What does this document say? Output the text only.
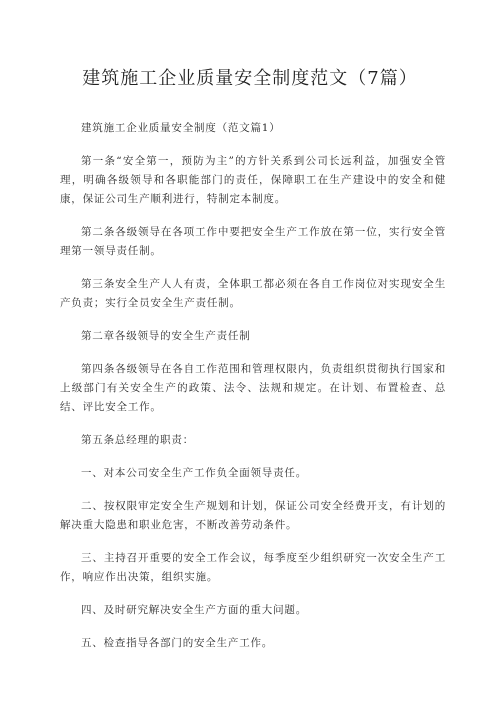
建筑施工企业质量安全制度范文（7篇）

建筑施工企业质量安全制度（范文篇1）

第一条“安全第一，预防为主”的方针关系到公司长远利益，加强安全管理，明确各级领导和各职能部门的责任，保障职工在生产建设中的安全和健康，保证公司生产顺利进行，特制定本制度。

第二条各级领导在各项工作中要把安全生产工作放在第一位，实行安全管理第一领导责任制。

第三条安全生产人人有责，全体职工都必须在各自工作岗位对实现安全生产负责；实行全员安全生产责任制。

第二章各级领导的安全生产责任制

第四条各级领导在各自工作范围和管理权限内，负责组织贯彻执行国家和上级部门有关安全生产的政策、法令、法规和规定。在计划、布置检查、总结、评比安全工作。

第五条总经理的职责：

一、对本公司安全生产工作负全面领导责任。

二、按权限审定安全生产规划和计划，保证公司安全经费开支，有计划的解决重大隐患和职业危害，不断改善劳动条件。

三、主持召开重要的安全工作会议，每季度至少组织研究一次安全生产工作，响应作出决策，组织实施。

四、及时研究解决安全生产方面的重大问题。

五、检查指导各部门的安全生产工作。
